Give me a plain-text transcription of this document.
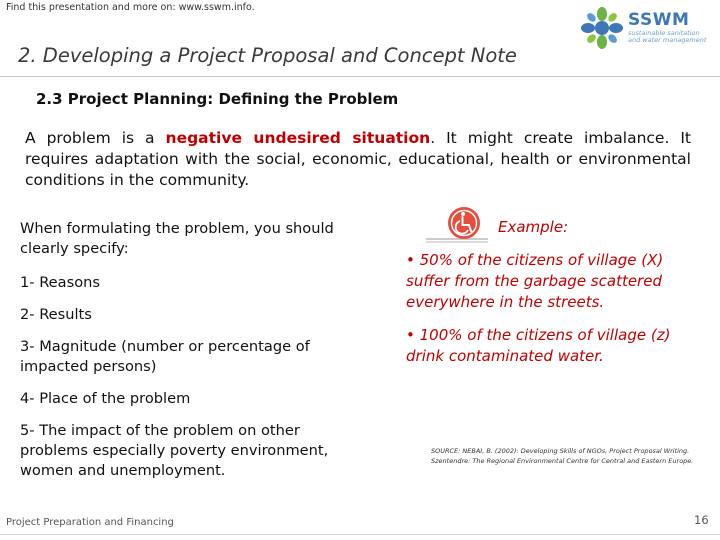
Find this presentation and more on: www.sswm.info.
SSWM
sustainable sanitation
and water management
2. Developing a Project Proposal and Concept Note
2.3 Project Planning: Defining the Problem
A problem is a negative undesired situation. It might create imbalance. It requires adaptation with the social, economic, educational, health or environmental conditions in the community.

When formulating the problem, you should clearly specify:

1- Reasons

2- Results

3- Magnitude (number or percentage of impacted persons)

4- Place of the problem

5- The impact of the problem on other problems especially poverty environment, women and unemployment.

Example:
• 50% of the citizens of village (X) suffer from the garbage scattered everywhere in the streets.
• 100% of the citizens of village (z) drink contaminated water.
SOURCE: NEBAI, B. (2002): Developing Skills of NGOs, Project Proposal Writing. Szentendre: The Regional Environmental Centre for Central and Eastern Europe.
Project Preparation and Financing	16
